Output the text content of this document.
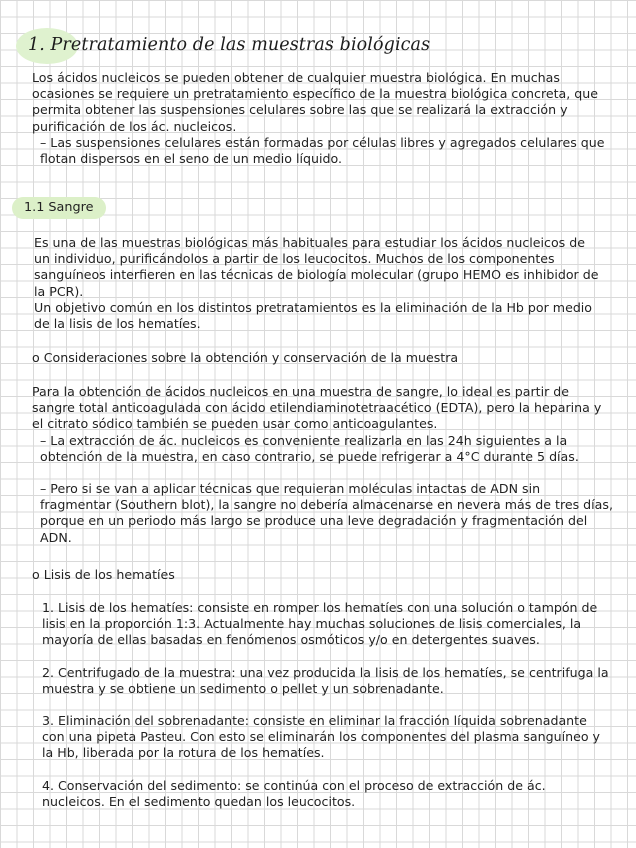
1. Pretratamiento de las muestras biológicas

Los ácidos nucleicos se pueden obtener de cualquier muestra biológica. En muchas ocasiones se requiere un pretratamiento específico de la muestra biológica concreta, que permita obtener las suspensiones celulares sobre las que se realizará la extracción y purificación de los ác. nucleicos.

– Las suspensiones celulares están formadas por células libres y agregados celulares que flotan dispersos en el seno de un medio líquido.

1.1 Sangre

Es una de las muestras biológicas más habituales para estudiar los ácidos nucleicos de un individuo, purificándolos a partir de los leucocitos. Muchos de los componentes sanguíneos interfieren en las técnicas de biología molecular (grupo HEMO es inhibidor de la PCR).

Un objetivo común en los distintos pretratamientos es la eliminación de la Hb por medio de la lisis de los hematíes.

o Consideraciones sobre la obtención y conservación de la muestra

Para la obtención de ácidos nucleicos en una muestra de sangre, lo ideal es partir de sangre total anticoagulada con ácido etilendiaminotetraacético (EDTA), pero la heparina y el citrato sódico también se pueden usar como anticoagulantes.

– La extracción de ác. nucleicos es conveniente realizarla en las 24h siguientes a la obtención de la muestra, en caso contrario, se puede refrigerar a 4°C durante 5 días.

– Pero si se van a aplicar técnicas que requieran moléculas intactas de ADN sin fragmentar (Southern blot), la sangre no debería almacenarse en nevera más de tres días, porque en un periodo más largo se produce una leve degradación y fragmentación del ADN.

o Lisis de los hematíes
1. Lisis de los hematíes: consiste en romper los hematíes con una solución o tampón de lisis en la proporción 1:3. Actualmente hay muchas soluciones de lisis comerciales, la mayoría de ellas basadas en fenómenos osmóticos y/o en detergentes suaves.
2. Centrifugado de la muestra: una vez producida la lisis de los hematíes, se centrifuga la muestra y se obtiene un sedimento o pellet y un sobrenadante.
3. Eliminación del sobrenadante: consiste en eliminar la fracción líquida sobrenadante con una pipeta Pasteu. Con esto se eliminarán los componentes del plasma sanguíneo y la Hb, liberada por la rotura de los hematíes.
4. Conservación del sedimento: se continúa con el proceso de extracción de ác. nucleicos. En el sedimento quedan los leucocitos.
